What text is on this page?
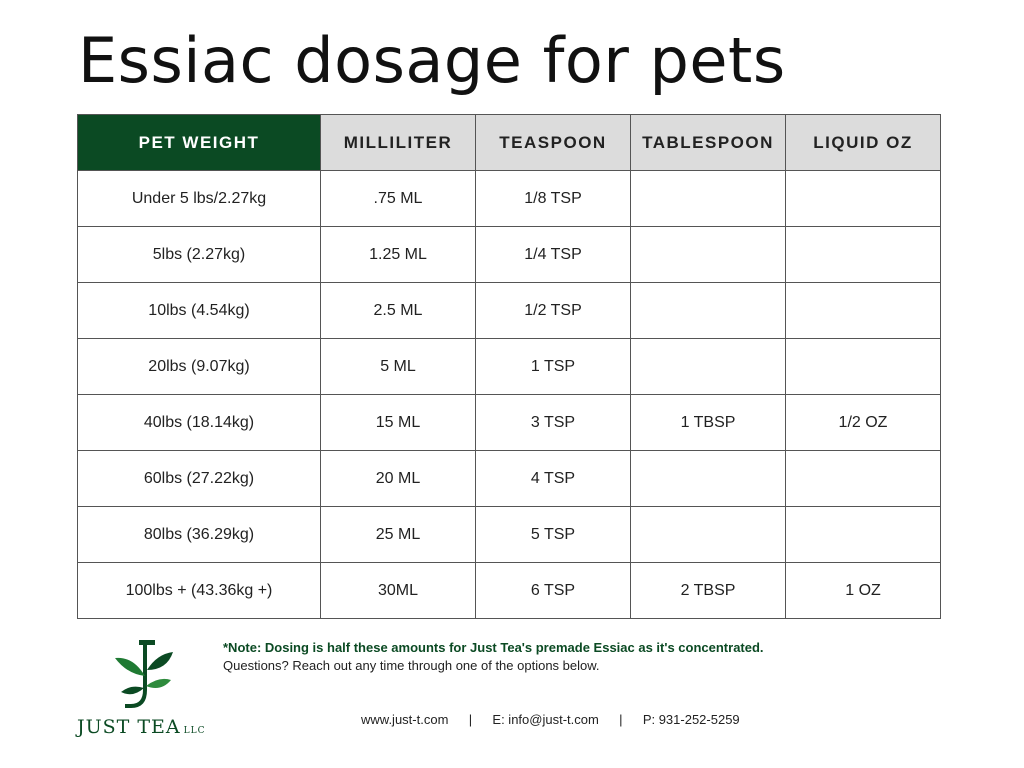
Essiac dosage for pets
PET WEIGHT	MILLILITER	TEASPOON	TABLESPOON	LIQUID OZ
Under 5 lbs/2.27kg	.75 ML	1/8 TSP		
5lbs (2.27kg)	1.25 ML	1/4 TSP		
10lbs (4.54kg)	2.5 ML	1/2 TSP		
20lbs (9.07kg)	5 ML	1 TSP		
40lbs (18.14kg)	15 ML	3 TSP	1 TBSP	1/2 OZ
60lbs (27.22kg)	20 ML	4 TSP		
80lbs (36.29kg)	25 ML	5 TSP		
100lbs + (43.36kg +)	30ML	6 TSP	2 TBSP	1 OZ
JUST TEA LLC
*Note: Dosing is half these amounts for Just Tea's premade Essiac as it's concentrated.
Questions? Reach out any time through one of the options below.
www.just-t.com | E: info@just-t.com | P: 931-252-5259
